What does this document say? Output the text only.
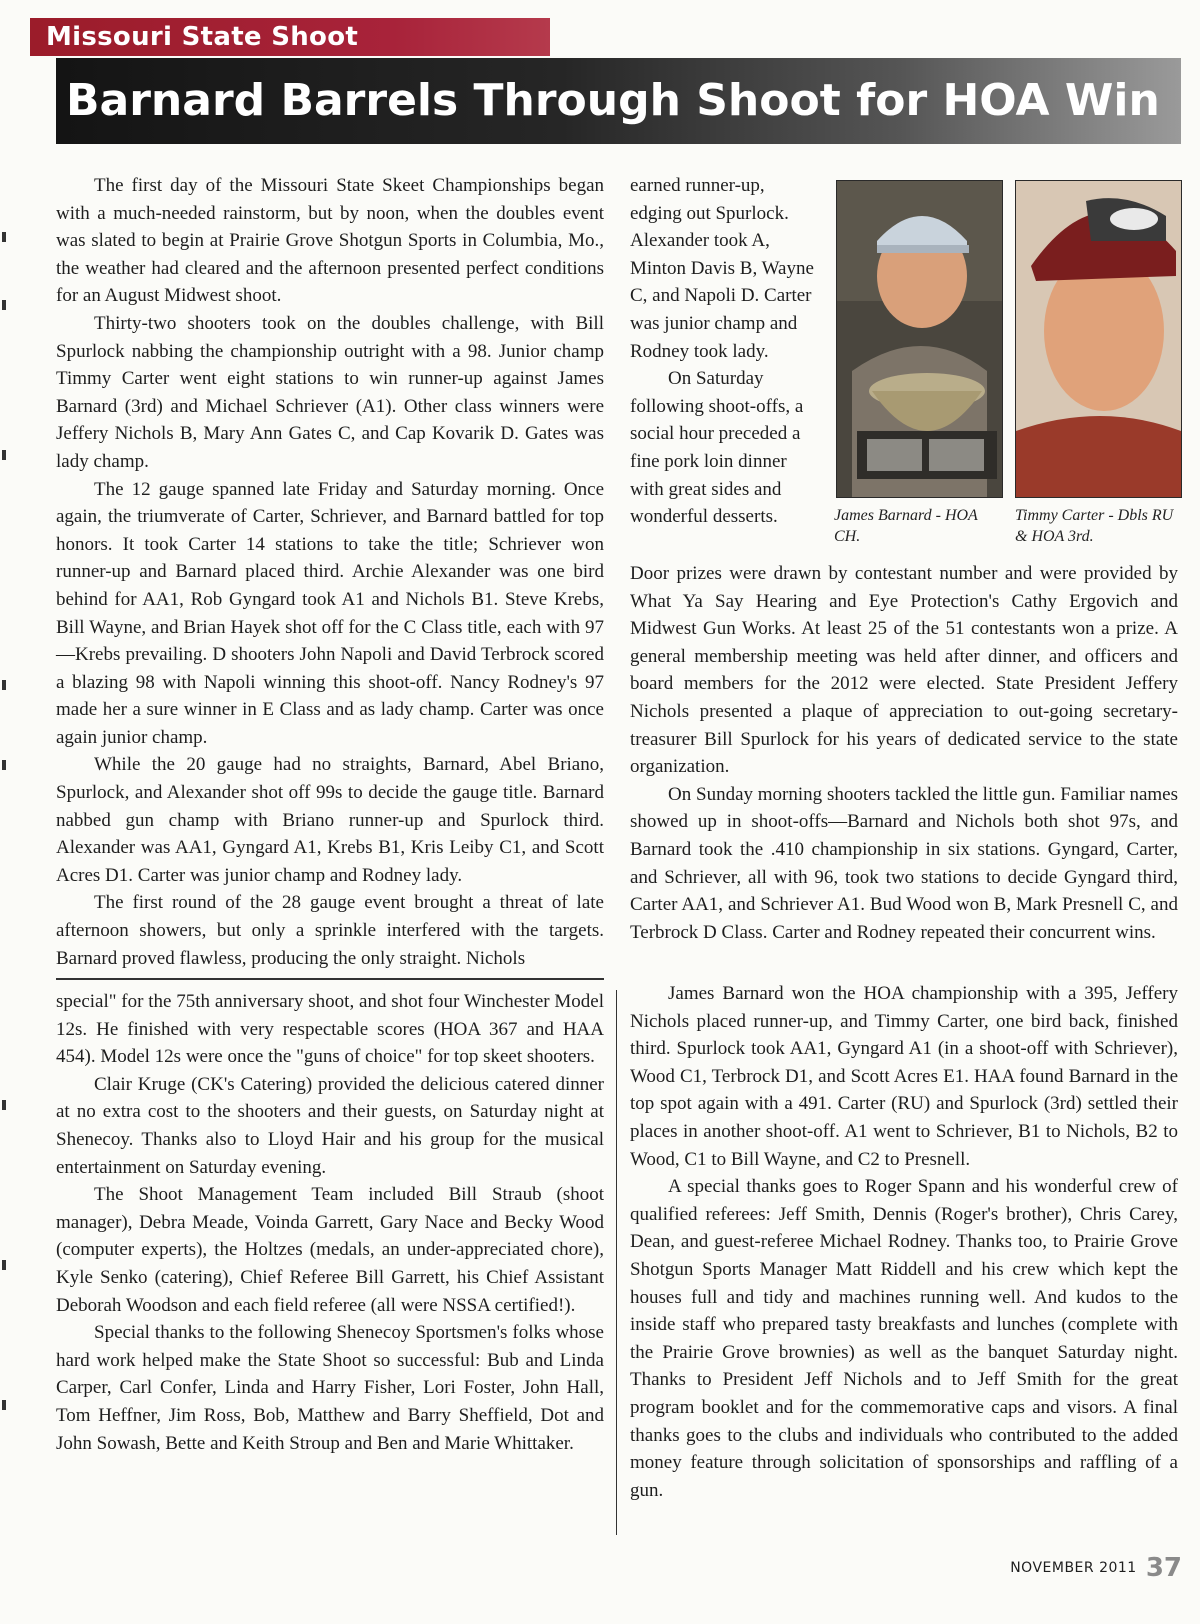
Missouri State Shoot
Barnard Barrels Through Shoot for HOA Win

The first day of the Missouri State Skeet Championships began with a much-needed rainstorm, but by noon, when the doubles event was slated to begin at Prairie Grove Shotgun Sports in Columbia, Mo., the weather had cleared and the afternoon presented perfect conditions for an August Midwest shoot.

Thirty-two shooters took on the doubles challenge, with Bill Spurlock nabbing the championship outright with a 98. Junior champ Timmy Carter went eight stations to win runner-up against James Barnard (3rd) and Michael Schriever (A1). Other class winners were Jeffery Nichols B, Mary Ann Gates C, and Cap Kovarik D. Gates was lady champ.

The 12 gauge spanned late Friday and Saturday morning. Once again, the triumverate of Carter, Schriever, and Barnard battled for top honors. It took Carter 14 stations to take the title; Schriever won runner-up and Barnard placed third. Archie Alexander was one bird behind for AA1, Rob Gyngard took A1 and Nichols B1. Steve Krebs, Bill Wayne, and Brian Hayek shot off for the C Class title, each with 97—Krebs prevailing. D shooters John Napoli and David Terbrock scored a blazing 98 with Napoli winning this shoot-off. Nancy Rodney's 97 made her a sure winner in E Class and as lady champ. Carter was once again junior champ.

While the 20 gauge had no straights, Barnard, Abel Briano, Spurlock, and Alexander shot off 99s to decide the gauge title. Barnard nabbed gun champ with Briano runner-up and Spurlock third. Alexander was AA1, Gyngard A1, Krebs B1, Kris Leiby C1, and Scott Acres D1. Carter was junior champ and Rodney lady.

The first round of the 28 gauge event brought a threat of late afternoon showers, but only a sprinkle interfered with the targets. Barnard proved flawless, producing the only straight. Nichols

earned runner-up, edging out Spurlock. Alexander took A, Minton Davis B, Wayne C, and Napoli D. Carter was junior champ and Rodney took lady.

On Saturday following shoot-offs, a social hour preceded a fine pork loin dinner with great sides and wonderful desserts.	James Barnard - HOA CH.
Timmy Carter - Dbls RU & HOA 3rd.

Door prizes were drawn by contestant number and were provided by What Ya Say Hearing and Eye Protection's Cathy Ergovich and Midwest Gun Works. At least 25 of the 51 contestants won a prize. A general membership meeting was held after dinner, and officers and board members for the 2012 were elected. State President Jeffery Nichols presented a plaque of appreciation to out-going secretary-treasurer Bill Spurlock for his years of dedicated service to the state organization.

On Sunday morning shooters tackled the little gun. Familiar names showed up in shoot-offs—Barnard and Nichols both shot 97s, and Barnard took the .410 championship in six stations. Gyngard, Carter, and Schriever, all with 96, took two stations to decide Gyngard third, Carter AA1, and Schriever A1. Bud Wood won B, Mark Presnell C, and Terbrock D Class. Carter and Rodney repeated their concurrent wins.

special" for the 75th anniversary shoot, and shot four Winchester Model 12s. He finished with very respectable scores (HOA 367 and HAA 454). Model 12s were once the "guns of choice" for top skeet shooters.

Clair Kruge (CK's Catering) provided the delicious catered dinner at no extra cost to the shooters and their guests, on Saturday night at Shenecoy. Thanks also to Lloyd Hair and his group for the musical entertainment on Saturday evening.

The Shoot Management Team included Bill Straub (shoot manager), Debra Meade, Voinda Garrett, Gary Nace and Becky Wood (computer experts), the Holtzes (medals, an under-appreciated chore), Kyle Senko (catering), Chief Referee Bill Garrett, his Chief Assistant Deborah Woodson and each field referee (all were NSSA certified!).

Special thanks to the following Shenecoy Sportsmen's folks whose hard work helped make the State Shoot so successful: Bub and Linda Carper, Carl Confer, Linda and Harry Fisher, Lori Foster, John Hall, Tom Heffner, Jim Ross, Bob, Matthew and Barry Sheffield, Dot and John Sowash, Bette and Keith Stroup and Ben and Marie Whittaker.

James Barnard won the HOA championship with a 395, Jeffery Nichols placed runner-up, and Timmy Carter, one bird back, finished third. Spurlock took AA1, Gyngard A1 (in a shoot-off with Schriever), Wood C1, Terbrock D1, and Scott Acres E1. HAA found Barnard in the top spot again with a 491. Carter (RU) and Spurlock (3rd) settled their places in another shoot-off. A1 went to Schriever, B1 to Nichols, B2 to Wood, C1 to Bill Wayne, and C2 to Presnell.

A special thanks goes to Roger Spann and his wonderful crew of qualified referees: Jeff Smith, Dennis (Roger's brother), Chris Carey, Dean, and guest-referee Michael Rodney. Thanks too, to Prairie Grove Shotgun Sports Manager Matt Riddell and his crew which kept the houses full and tidy and machines running well. And kudos to the inside staff who prepared tasty breakfasts and lunches (complete with the Prairie Grove brownies) as well as the banquet Saturday night. Thanks to President Jeff Nichols and to Jeff Smith for the great program booklet and for the commemorative caps and visors. A final thanks goes to the clubs and individuals who contributed to the added money feature through solicitation of sponsorships and raffling of a gun.

NOVEMBER 2011 37
